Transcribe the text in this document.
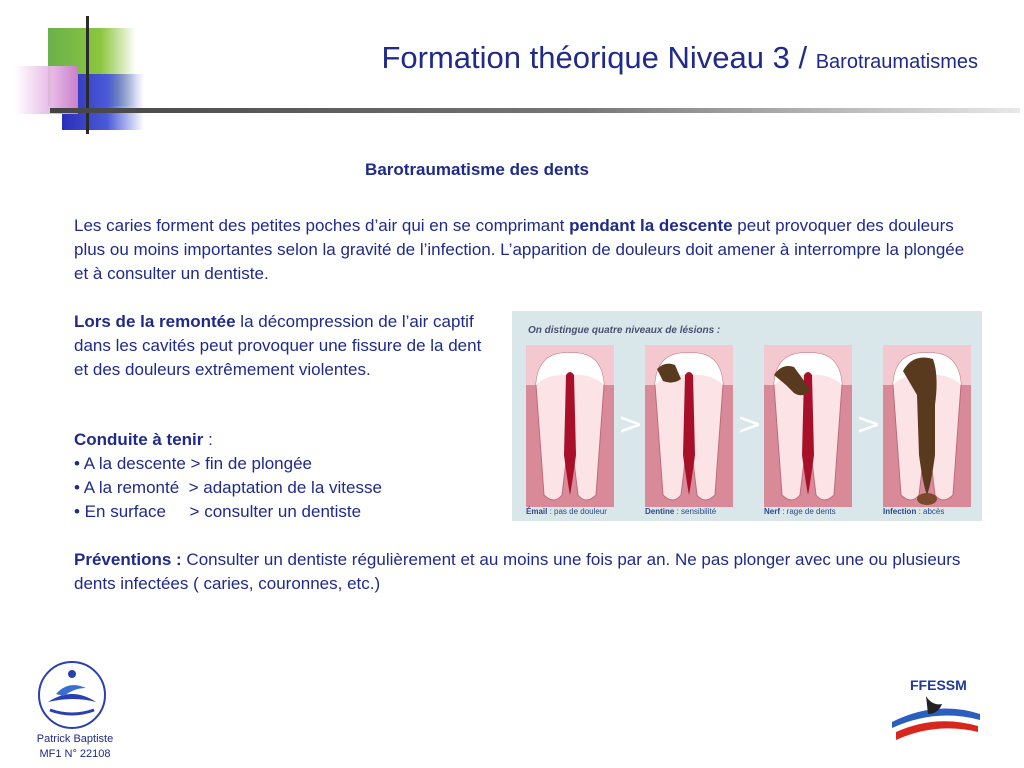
Formation théorique Niveau 3 / Barotraumatismes
Barotraumatisme des dents
Les caries forment des petites poches d’air qui en se comprimant pendant la descente peut provoquer des douleurs plus ou moins importantes selon la gravité de l’infection. L’apparition de douleurs doit amener à interrompre la plongée et à consulter un dentiste.
Lors de la remontée la décompression de l’air captif dans les cavités peut provoquer une fissure de la dent et des douleurs extrêmement violentes.
Conduite à tenir :
• A la descente > fin de plongée
• A la remonté  > adaptation de la vitesse
• En surface     > consulter un dentiste
Préventions : Consulter un dentiste régulièrement et au moins une fois par an. Ne pas plonger avec une ou plusieurs dents infectées ( caries, couronnes, etc.)
On distingue quatre niveaux de lésions :
>	>	>
Émail : pas de douleur	Dentine : sensibilité	Nerf : rage de dents	Infection : abcès
Patrick Baptiste
MF1 N° 22108
FFESSM
